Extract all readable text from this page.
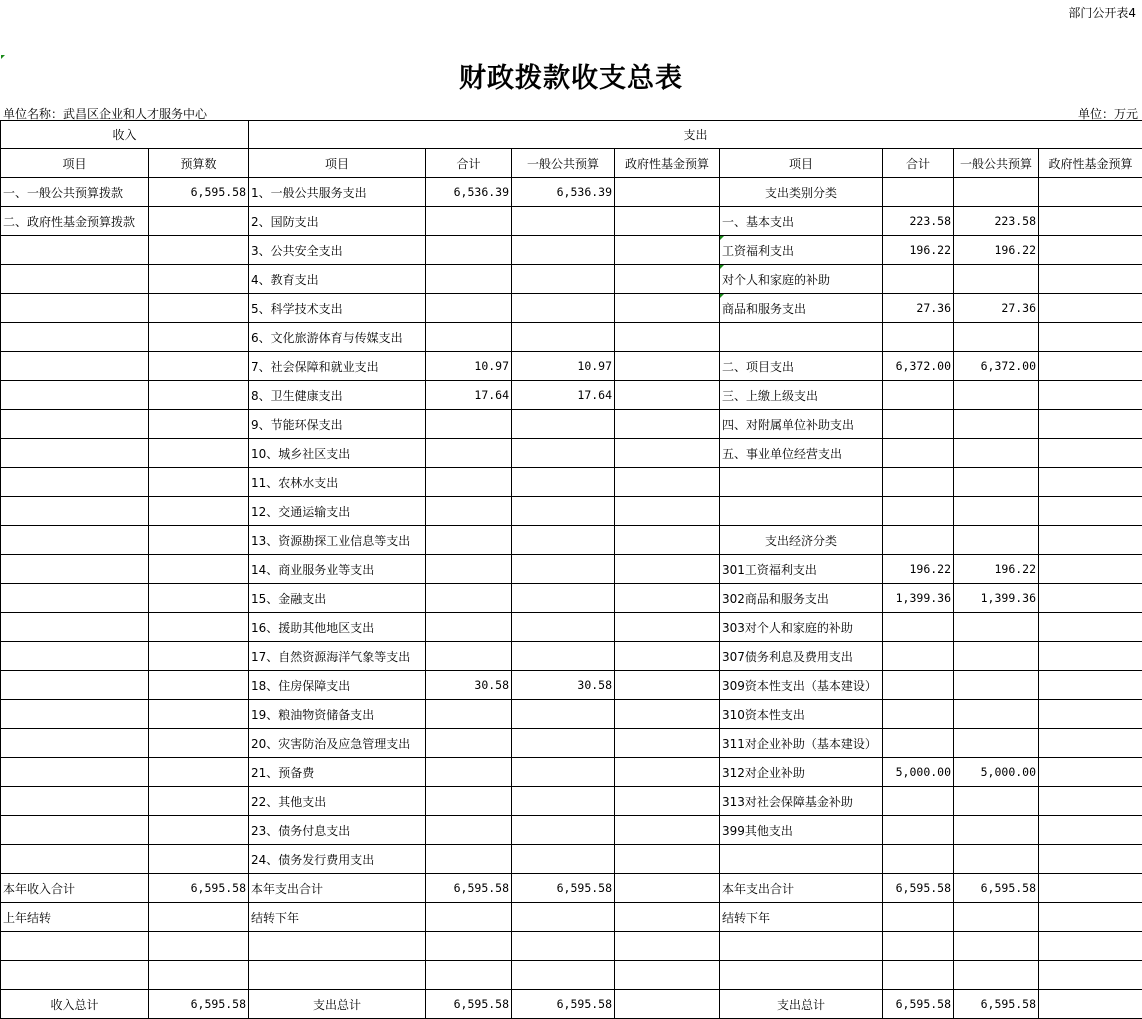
部门公开表4
财政拨款收支总表
单位名称：武昌区企业和人才服务中心	单位：万元
收入		支出							
项目	预算数	项目	合计	一般公共预算	政府性基金预算	项目	合计	一般公共预算	政府性基金预算
一、一般公共预算拨款	6,595.58	1、一般公共服务支出	6,536.39	6,536.39		支出类别分类			
二、政府性基金预算拨款		2、国防支出				一、基本支出	223.58	223.58	
		3、公共安全支出				工资福利支出	196.22	196.22	
		4、教育支出				对个人和家庭的补助			
		5、科学技术支出				商品和服务支出	27.36	27.36	
		6、文化旅游体育与传媒支出							
		7、社会保障和就业支出	10.97	10.97		二、项目支出	6,372.00	6,372.00	
		8、卫生健康支出	17.64	17.64		三、上缴上级支出			
		9、节能环保支出				四、对附属单位补助支出			
		10、城乡社区支出				五、事业单位经营支出			
		11、农林水支出							
		12、交通运输支出							
		13、资源勘探工业信息等支出				支出经济分类			
		14、商业服务业等支出				301工资福利支出	196.22	196.22	
		15、金融支出				302商品和服务支出	1,399.36	1,399.36	
		16、援助其他地区支出				303对个人和家庭的补助			
		17、自然资源海洋气象等支出				307债务利息及费用支出			
		18、住房保障支出	30.58	30.58		309资本性支出（基本建设）			
		19、粮油物资储备支出				310资本性支出			
		20、灾害防治及应急管理支出				311对企业补助（基本建设）			
		21、预备费				312对企业补助	5,000.00	5,000.00	
		22、其他支出				313对社会保障基金补助			
		23、债务付息支出				399其他支出			
		24、债务发行费用支出							
本年收入合计	6,595.58	本年支出合计	6,595.58	6,595.58		本年支出合计	6,595.58	6,595.58	
上年结转		结转下年				结转下年			

收入总计	6,595.58	支出总计	6,595.58	6,595.58		支出总计	6,595.58	6,595.58	
